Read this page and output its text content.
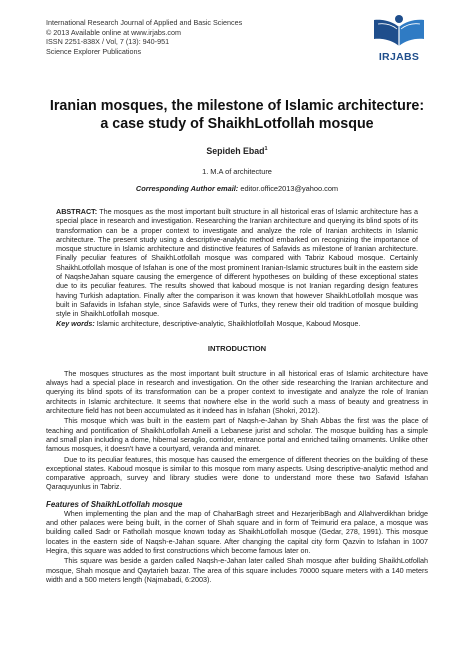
International Research Journal of Applied and Basic Sciences
© 2013 Available online at www.irjabs.com
ISSN 2251-838X / Vol, 7 (13): 940-951
Science Explorer Publications	IRJABS
Iranian mosques, the milestone of Islamic architecture: a case study of ShaikhLotfollah mosque
Sepideh Ebad$^1$
1. M.A of architecture
Corresponding Author email: editor.office2013@yahoo.com
ABSTRACT: The mosques as the most important built structure in all historical eras of Islamic architecture has a special place in research and investigation. Researching the Iranian architecture and querying its blind spots of its transformation can be a proper context to investigate and analyze the role of Iranian architects in Islamic architecture. The present study using a descriptive-analytic method embarked on recognizing the importance of mosque structure in Islamic architecture and distinctive features of Safavids as milestone of Iranian architecture. Finally peculiar features of ShaikhLotfollah mosque was compared with Tabriz Kaboud mosque. Certainly ShaikhLotfollah mosque of Isfahan is one of the most prominent Iranian-Islamic structures built in the eastern side of NaqsheJahan square causing the emergence of different hypotheses on building of these exceptional states due to its peculiar features. The results showed that kaboud mosque is not Iranian regarding design features having Turkish adaptation. Finally after the comparison it was known that however ShaikhLotfollah mosque was built in Safavids in Isfahan style, since Safavids were of Turks, they renew their old tradition of mosque building style in ShaikhLotfollah mosque.
Key words: Islamic architecture, descriptive-analytic, Shaikhlotfollah Mosque, Kaboud Mosque.
INTRODUCTION

The mosques structures as the most important built structure in all historical eras of Islamic architecture have always had a special place in research and investigation. On the other side researching the Iranian architecture and querying its blind spots of its transformation can be a proper context to investigate and analyze the role of Iranian architects in Islamic architecture. It seems that nowhere else in the world such a mass of beauty and greatness in architecture field has not been accumulated as it indeed has in Isfahan (Shokri, 2012).

This mosque which was built in the eastern part of Naqsh-e-Jahan by Shah Abbas the first was the place of teaching and pontification of ShaikhLotfollah Ameili a Lebanese jurist and scholar. The mosque building has a simple and small plan including a dome, hibernal seraglio, corridor, entrance portal and enriched tailing ornaments. Unlike other famous mosques, it doesn't have a courtyard, veranda and minaret.

Due to its peculiar features, this mosque has caused the emergence of different theories on the building of these exceptional states. Kaboud mosque is similar to this mosque rom many aspects. Using descriptive-analytic method and comparative approach, survey and library studies were done to understand more these two Safavid Isfahan Qaraquyunlus in Tabriz.

Features of ShaikhLotfollah mosque

When implementing the plan and the map of ChaharBagh street and HezarjeribBagh and Allahverdikhan bridge and other palaces were being built, in the corner of Shah square and in form of Teimurid era palace, a mosque was building called Sadr or Fathollah mosque known today as ShaikhLotfollah mosque (Gedar, 278, 1991). This mosque locates in the eastern side of Naqsh-e-Jahan square. After changing the capital city form Qazvin to Isfahan in 1007 Hegira, this square was added to first constructions which become famous later on.

This square was beside a garden called Naqsh-e-Jahan later called Shah mosque after building ShaikhLotfollah mosque, Shah mosque and Qaytarieh bazar. The area of this square includes 70000 square meters with a 140 meters width and a 500 meters length (Najmabadi, 6:2003).
